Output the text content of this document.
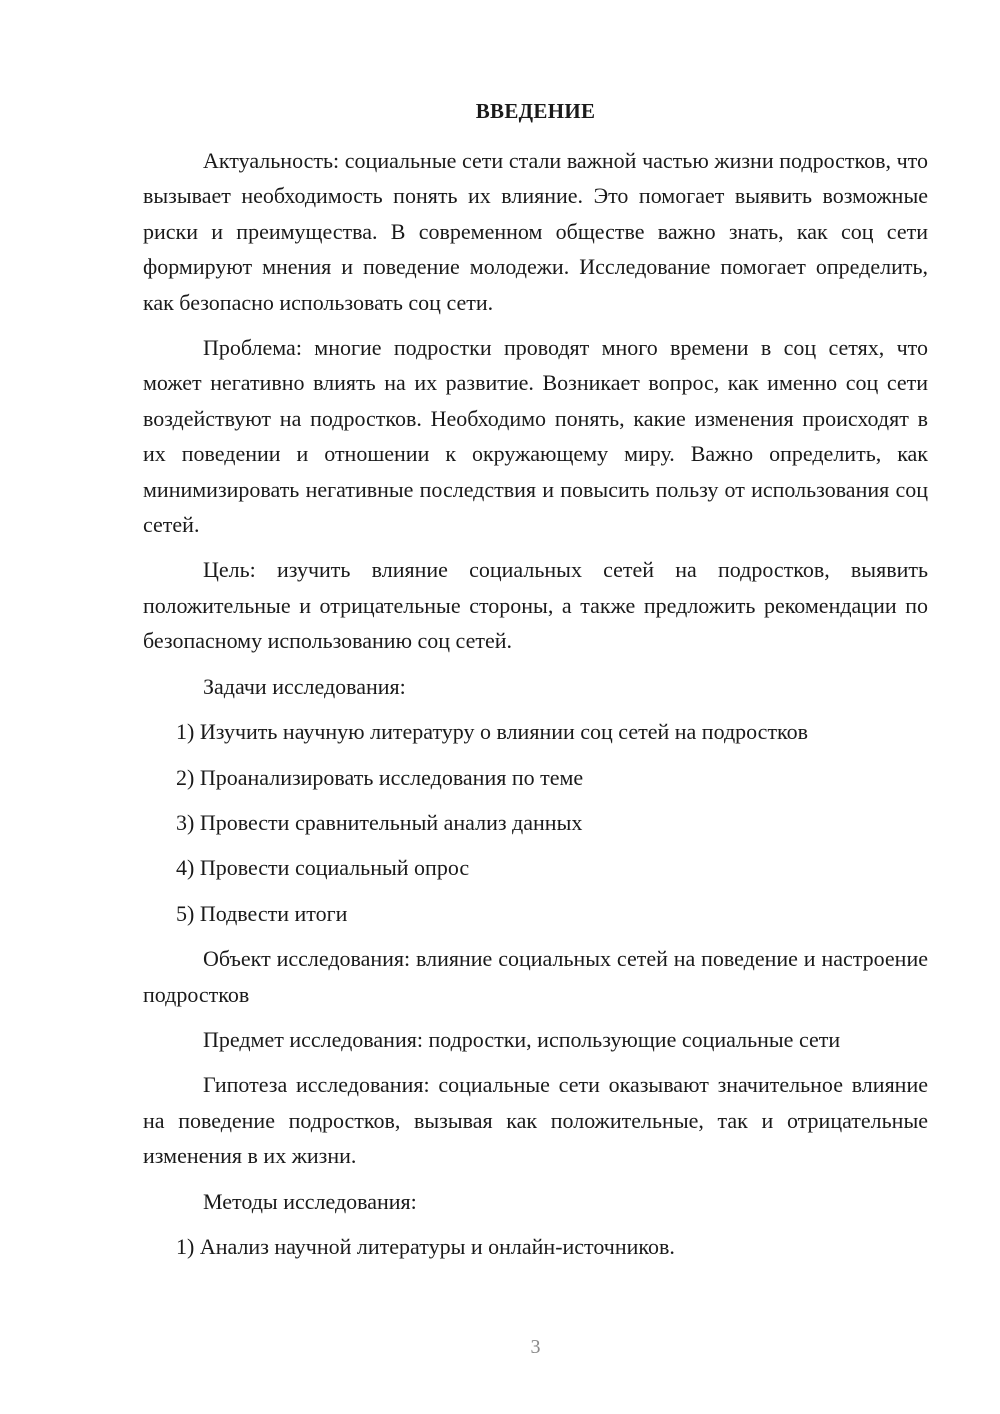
ВВЕДЕНИЕ

Актуальность: социальные сети стали важной частью жизни подростков, что вызывает необходимость понять их влияние. Это помогает выявить возможные риски и преимущества. В современном обществе важно знать, как соц сети формируют мнения и поведение молодежи. Исследование помогает определить, как безопасно использовать соц сети.

Проблема: многие подростки проводят много времени в соц сетях, что может негативно влиять на их развитие. Возникает вопрос, как именно соц сети воздействуют на подростков. Необходимо понять, какие изменения происходят в их поведении и отношении к окружающему миру. Важно определить, как минимизировать негативные последствия и повысить пользу от использования соц сетей.

Цель: изучить влияние социальных сетей на подростков, выявить положительные и отрицательные стороны, а также предложить рекомендации по безопасному использованию соц сетей.

Задачи исследования:

1) Изучить научную литературу о влиянии соц сетей на подростков

2) Проанализировать исследования по теме

3) Провести сравнительный анализ данных

4) Провести социальный опрос

5) Подвести итоги

Объект исследования: влияние социальных сетей на поведение и настроение подростков

Предмет исследования: подростки, использующие социальные сети

Гипотеза исследования: социальные сети оказывают значительное влияние на поведение подростков, вызывая как положительные, так и отрицательные изменения в их жизни.

Методы исследования:

1) Анализ научной литературы и онлайн-источников.

3
